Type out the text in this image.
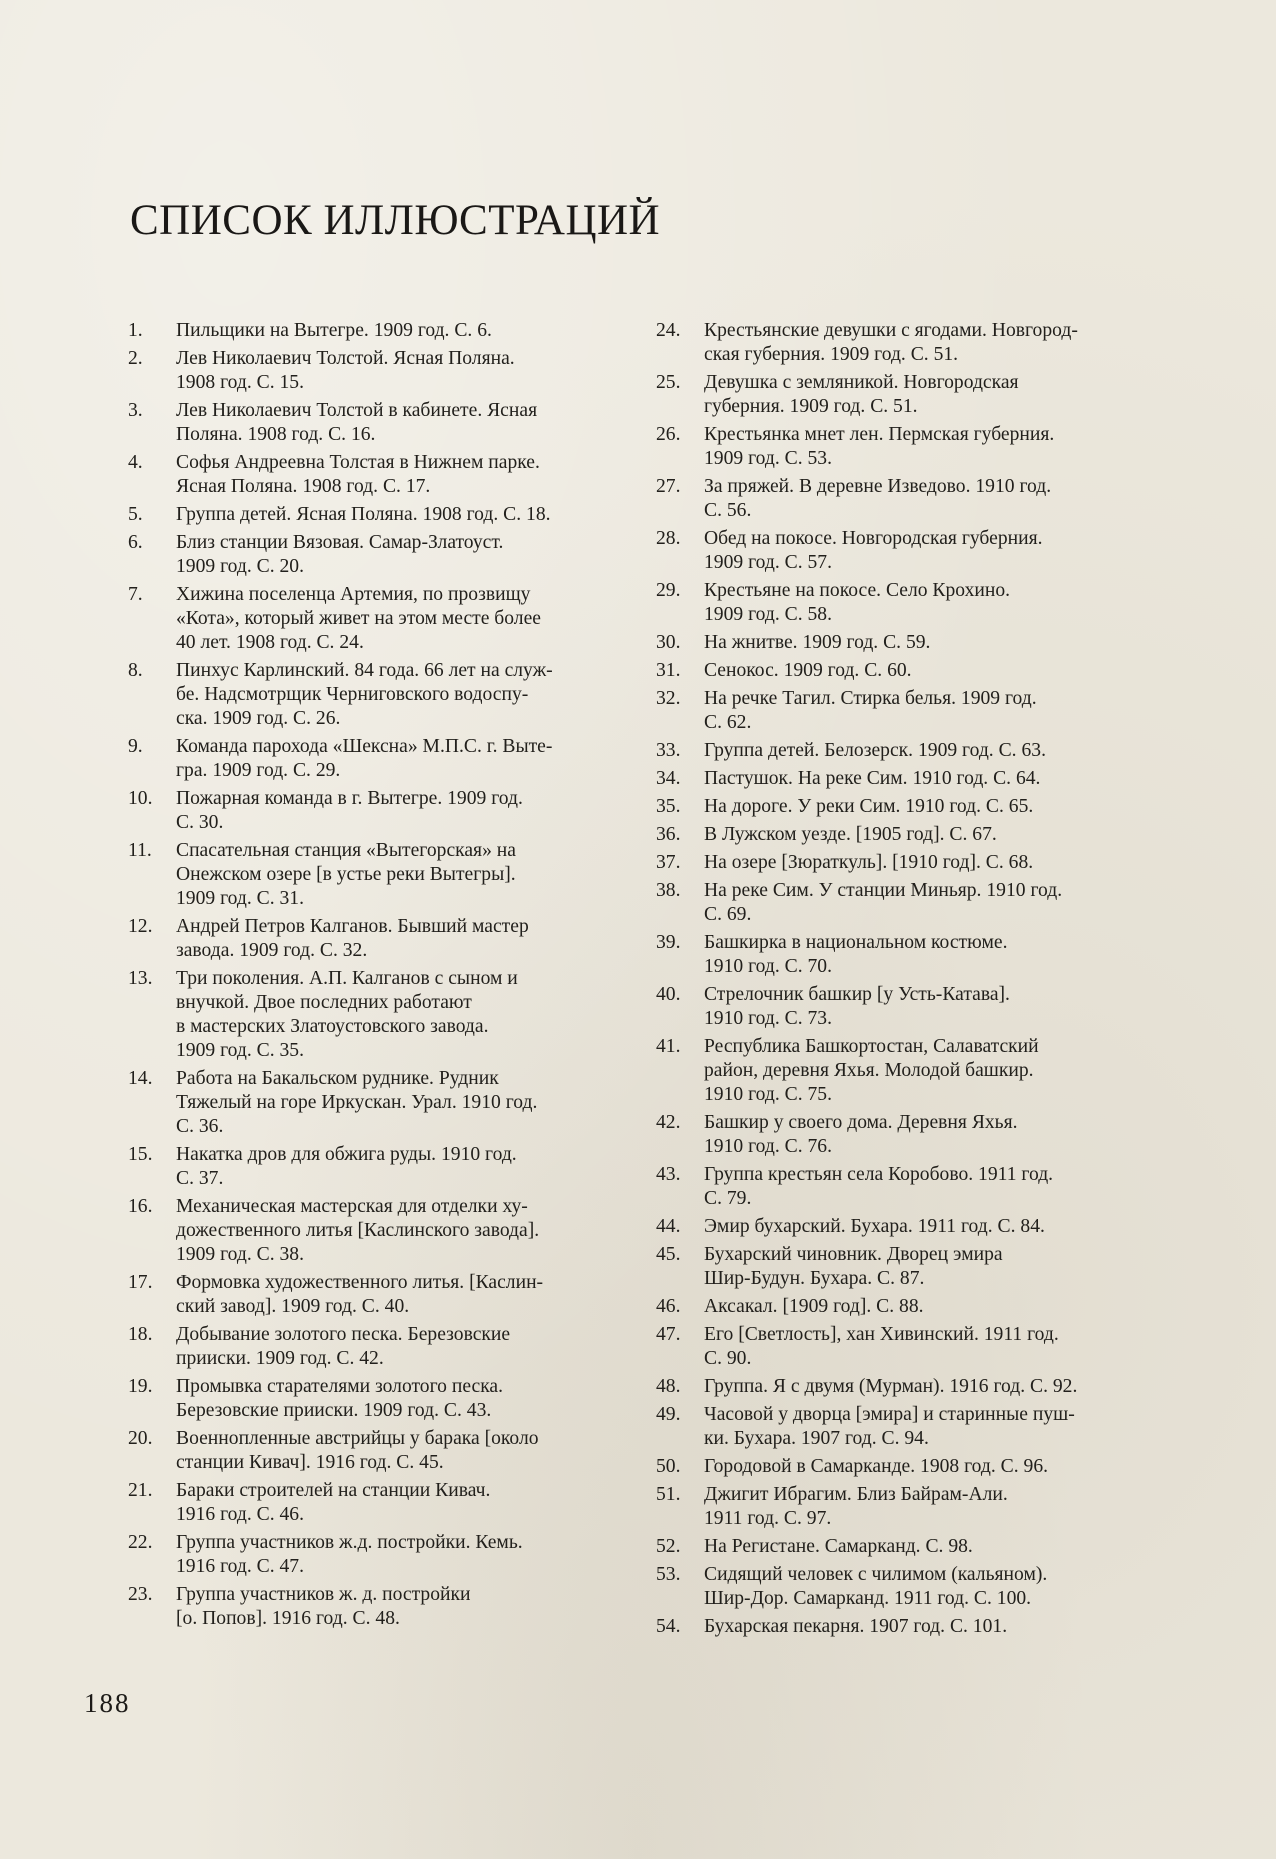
СПИСОК ИЛЛЮСТРАЦИЙ
1.	Пильщики на Вытегре. 1909 год. С. 6.
2.	Лев Николаевич Толстой. Ясная Поляна.
1908 год. С. 15.
3.	Лев Николаевич Толстой в кабинете. Ясная
Поляна. 1908 год. С. 16.
4.	Софья Андреевна Толстая в Нижнем парке.
Ясная Поляна. 1908 год. С. 17.
5.	Группа детей. Ясная Поляна. 1908 год. С. 18.
6.	Близ станции Вязовая. Самар-Златоуст.
1909 год. С. 20.
7.	Хижина поселенца Артемия, по прозвищу
«Кота», который живет на этом месте более
40 лет. 1908 год. С. 24.
8.	Пинхус Карлинский. 84 года. 66 лет на служ-
бе. Надсмотрщик Черниговского водоспу-
ска. 1909 год. С. 26.
9.	Команда парохода «Шексна» М.П.С. г. Выте-
гра. 1909 год. С. 29.
10.	Пожарная команда в г. Вытегре. 1909 год.
С. 30.
11.	Спасательная станция «Вытегорская» на
Онежском озере [в устье реки Вытегры].
1909 год. С. 31.
12.	Андрей Петров Калганов. Бывший мастер
завода. 1909 год. С. 32.
13.	Три поколения. А.П. Калганов с сыном и
внучкой. Двое последних работают
в мастерских Златоустовского завода.
1909 год. С. 35.
14.	Работа на Бакальском руднике. Рудник
Тяжелый на горе Иркускан. Урал. 1910 год.
С. 36.
15.	Накатка дров для обжига руды. 1910 год.
С. 37.
16.	Механическая мастерская для отделки ху-
дожественного литья [Каслинского завода].
1909 год. С. 38.
17.	Формовка художественного литья. [Каслин-
ский завод]. 1909 год. С. 40.
18.	Добывание золотого песка. Березовские
прииски. 1909 год. С. 42.
19.	Промывка старателями золотого песка.
Березовские прииски. 1909 год. С. 43.
20.	Военнопленные австрийцы у барака [около
станции Кивач]. 1916 год. С. 45.
21.	Бараки строителей на станции Кивач.
1916 год. С. 46.
22.	Группа участников ж.д. постройки. Кемь.
1916 год. С. 47.
23.	Группа участников ж. д. постройки
[о. Попов]. 1916 год. С. 48.
24.	Крестьянские девушки с ягодами. Новгород-
ская губерния. 1909 год. С. 51.
25.	Девушка с земляникой. Новгородская
губерния. 1909 год. С. 51.
26.	Крестьянка мнет лен. Пермская губерния.
1909 год. С. 53.
27.	За пряжей. В деревне Изведово. 1910 год.
С. 56.
28.	Обед на покосе. Новгородская губерния.
1909 год. С. 57.
29.	Крестьяне на покосе. Село Крохино.
1909 год. С. 58.
30.	На жнитве. 1909 год. С. 59.
31.	Сенокос. 1909 год. С. 60.
32.	На речке Тагил. Стирка белья. 1909 год.
С. 62.
33.	Группа детей. Белозерск. 1909 год. С. 63.
34.	Пастушок. На реке Сим. 1910 год. С. 64.
35.	На дороге. У реки Сим. 1910 год. С. 65.
36.	В Лужском уезде. [1905 год]. С. 67.
37.	На озере [Зюраткуль]. [1910 год]. С. 68.
38.	На реке Сим. У станции Миньяр. 1910 год.
С. 69.
39.	Башкирка в национальном костюме.
1910 год. С. 70.
40.	Стрелочник башкир [у Усть-Катава].
1910 год. С. 73.
41.	Республика Башкортостан, Салаватский
район, деревня Яхья. Молодой башкир.
1910 год. С. 75.
42.	Башкир у своего дома. Деревня Яхья.
1910 год. С. 76.
43.	Группа крестьян села Коробово. 1911 год.
С. 79.
44.	Эмир бухарский. Бухара. 1911 год. С. 84.
45.	Бухарский чиновник. Дворец эмира
Шир-Будун. Бухара. С. 87.
46.	Аксакал. [1909 год]. С. 88.
47.	Его [Светлость], хан Хивинский. 1911 год.
С. 90.
48.	Группа. Я с двумя (Мурман). 1916 год. С. 92.
49.	Часовой у дворца [эмира] и старинные пуш-
ки. Бухара. 1907 год. С. 94.
50.	Городовой в Самарканде. 1908 год. С. 96.
51.	Джигит Ибрагим. Близ Байрам-Али.
1911 год. С. 97.
52.	На Регистане. Самарканд. С. 98.
53.	Сидящий человек с чилимом (кальяном).
Шир-Дор. Самарканд. 1911 год. С. 100.
54.	Бухарская пекарня. 1907 год. С. 101.
188
